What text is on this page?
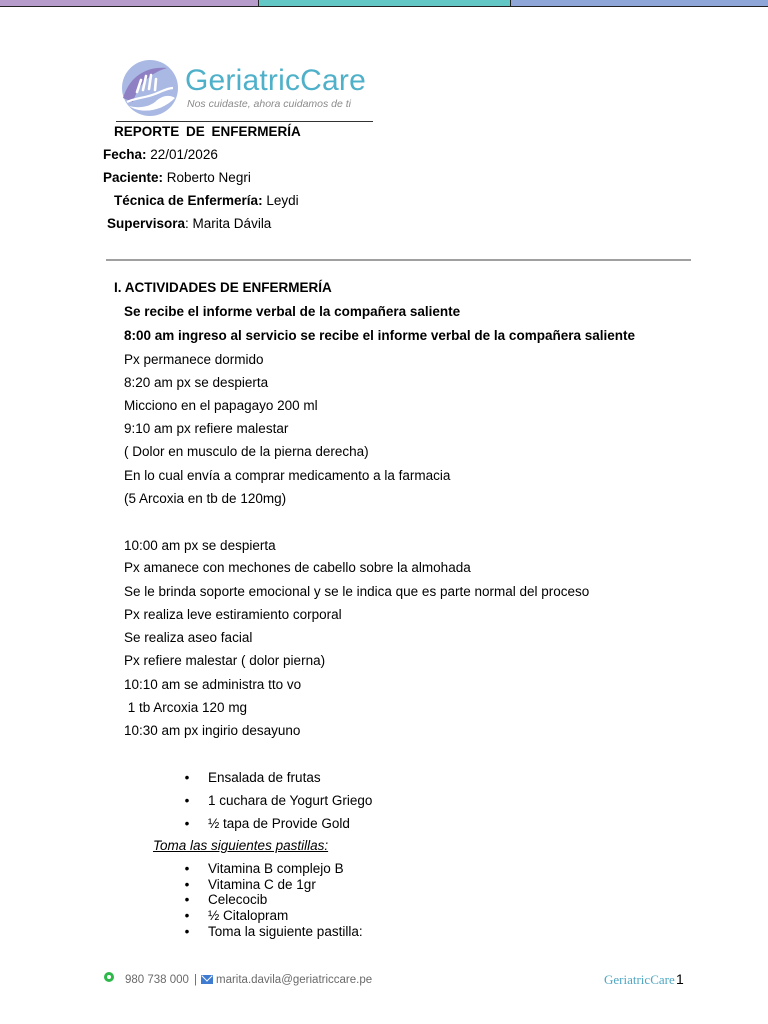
GeriatricCare
Nos cuidaste, ahora cuidamos de ti
REPORTE DE ENFERMERÍA
Fecha: 22/01/2026
Paciente: Roberto Negri
Técnica de Enfermería: Leydi
Supervisora: Marita Dávila
I. ACTIVIDADES DE ENFERMERÍA
Se recibe el informe verbal de la compañera saliente
8:00 am ingreso al servicio se recibe el informe verbal de la compañera saliente
Px permanece dormido
8:20 am px se despierta
Micciono en el papagayo 200 ml
9:10 am px refiere malestar
( Dolor en musculo de la pierna derecha)
En lo cual envía a comprar medicamento a la farmacia
(5 Arcoxia en tb de 120mg)
10:00 am px se despierta
Px amanece con mechones de cabello sobre la almohada
Se le brinda soporte emocional y se le indica que es parte normal del proceso
Px realiza leve estiramiento corporal
Se realiza aseo facial
Px refiere malestar ( dolor pierna)
10:10 am se administra tto vo
1 tb Arcoxia 120 mg
10:30 am px ingirio desayuno
• Ensalada de frutas
• 1 cuchara de Yogurt Griego
• ½ tapa de Provide Gold
Toma las siguientes pastillas:
• Vitamina B complejo B
• Vitamina C de 1gr
• Celecocib
• ½ Citalopram
• Toma la siguiente pastilla:
980 738 000 |	marita.davila@geriatriccare.pe	GeriatricCare 1
